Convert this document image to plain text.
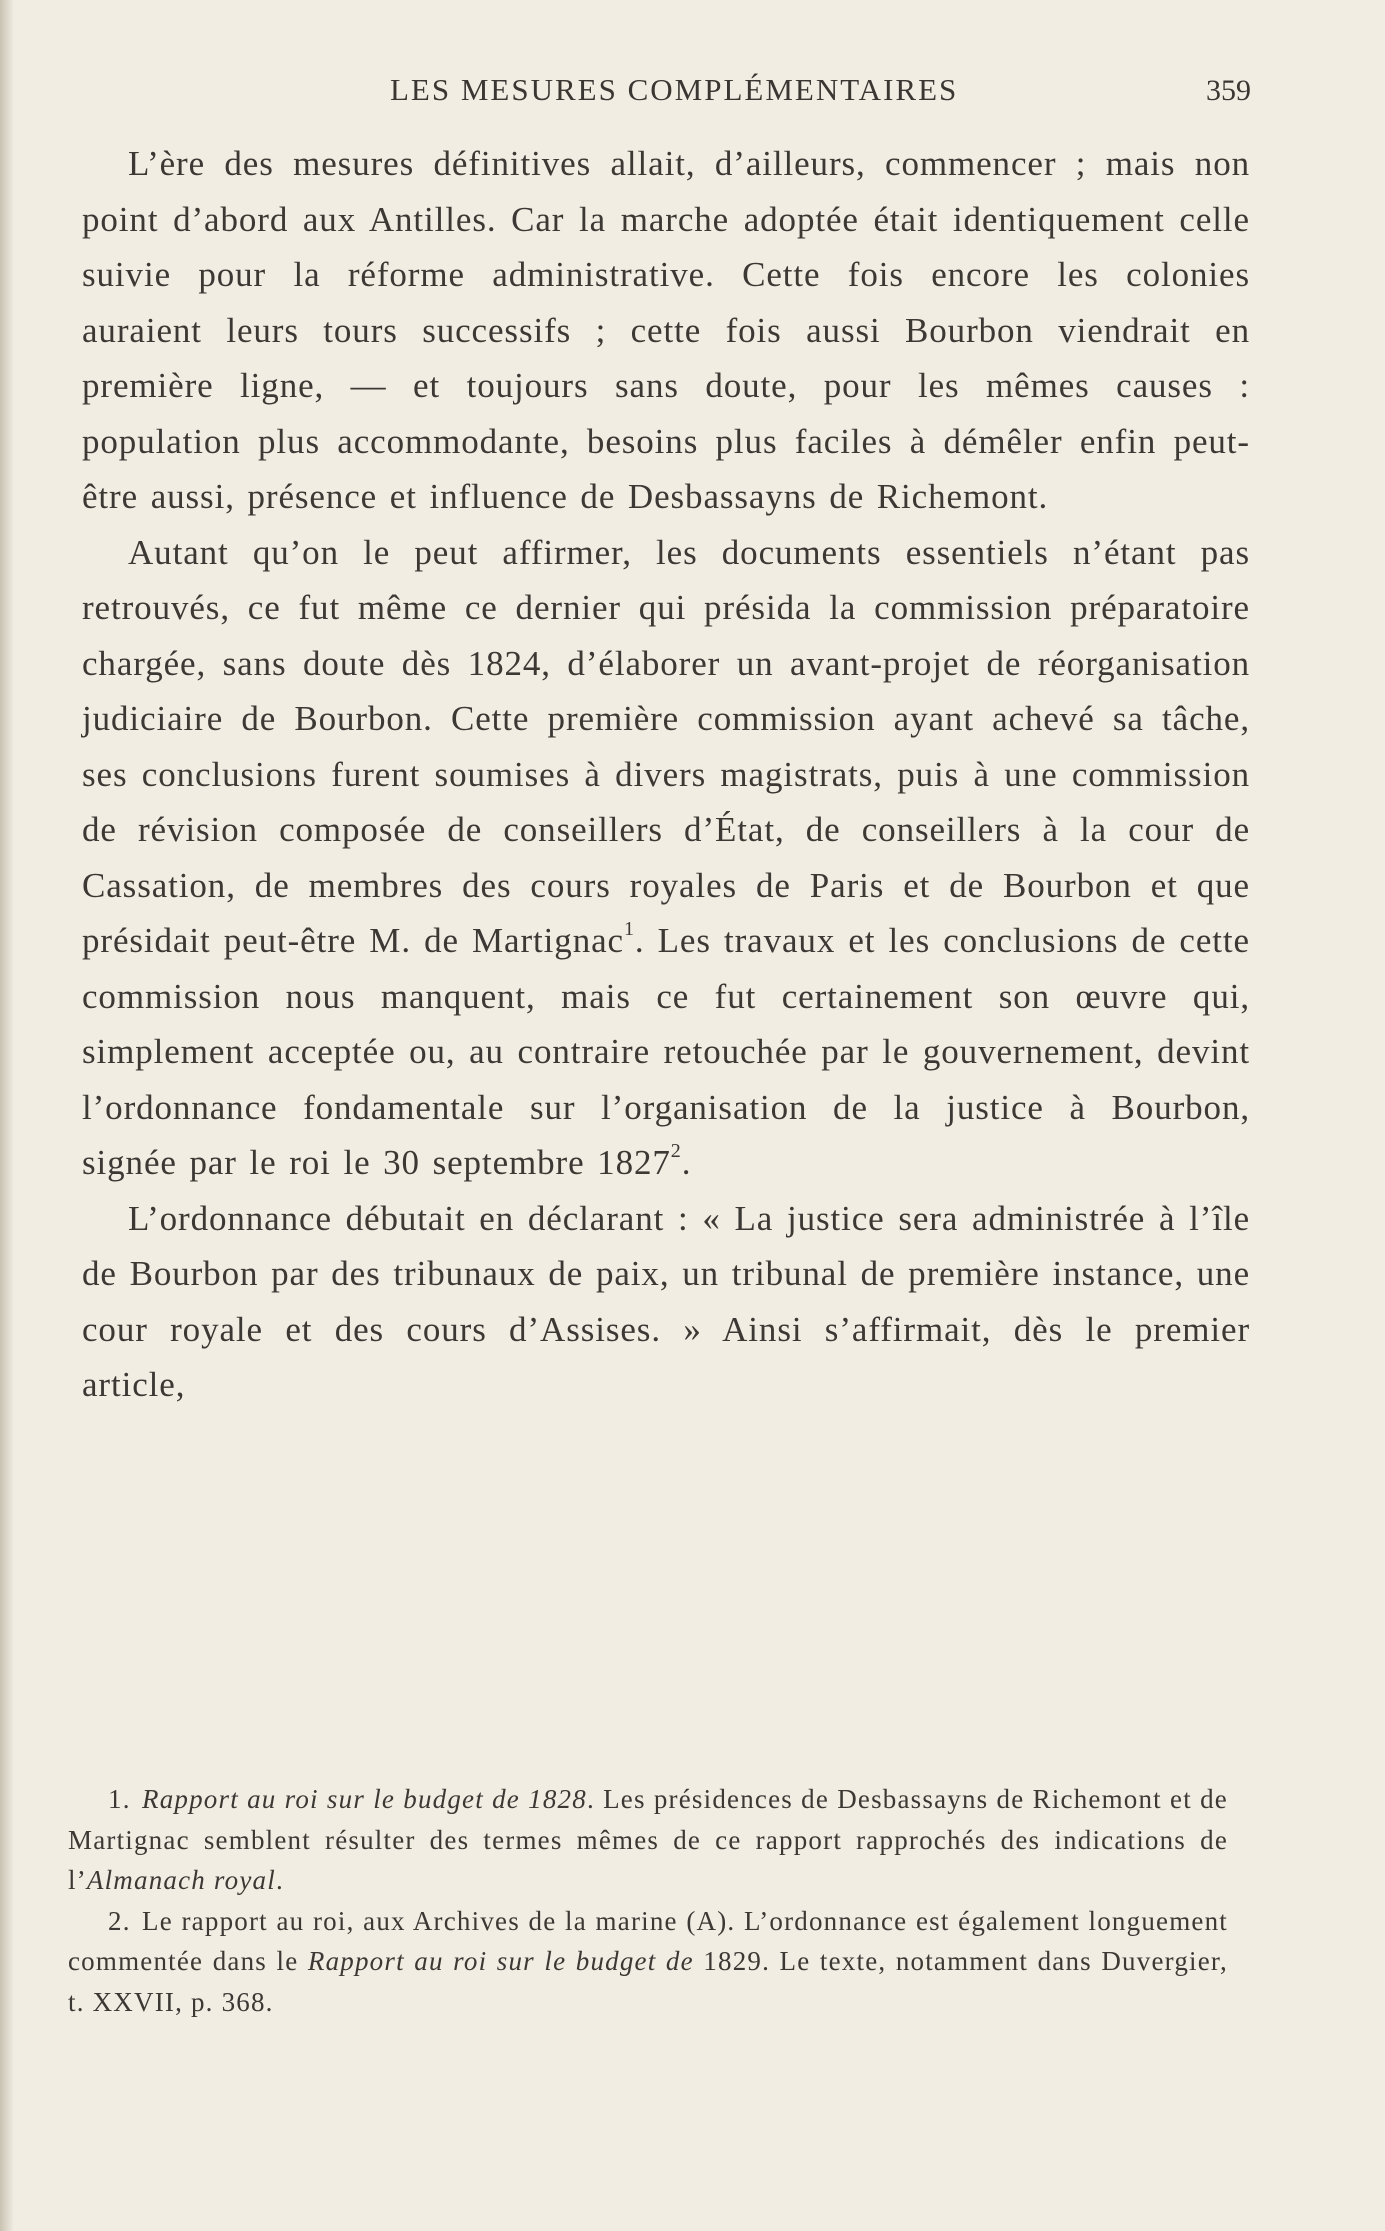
LES MESURES COMPLÉMENTAIRES	359

L’ère des mesures définitives allait, d’ailleurs, commencer ; mais non point d’abord aux Antilles. Car la marche adoptée était identiquement celle suivie pour la réforme administrative. Cette fois encore les colonies auraient leurs tours successifs ; cette fois aussi Bourbon viendrait en première ligne, — et toujours sans doute, pour les mêmes causes : population plus accommodante, besoins plus faciles à démêler enfin peut-être aussi, présence et influence de Desbassayns de Richemont.

Autant qu’on le peut affirmer, les documents essentiels n’étant pas retrouvés, ce fut même ce dernier qui présida la commission préparatoire chargée, sans doute dès 1824, d’élaborer un avant-projet de réorganisation judiciaire de Bourbon. Cette première commission ayant achevé sa tâche, ses conclusions furent soumises à divers magistrats, puis à une commission de révision composée de conseillers d’État, de conseillers à la cour de Cassation, de membres des cours royales de Paris et de Bourbon et que présidait peut-être M. de Martignac$^1$. Les travaux et les conclusions de cette commission nous manquent, mais ce fut certainement son œuvre qui, simplement acceptée ou, au contraire retouchée par le gouvernement, devint l’ordonnance fondamentale sur l’organisation de la justice à Bourbon, signée par le roi le 30 septembre 1827$^2$.

L’ordonnance débutait en déclarant : « La justice sera administrée à l’île de Bourbon par des tribunaux de paix, un tribunal de première instance, une cour royale et des cours d’Assises. » Ainsi s’affirmait, dès le premier article,

1. Rapport au roi sur le budget de 1828. Les présidences de Desbassayns de Richemont et de Martignac semblent résulter des termes mêmes de ce rapport rapprochés des indications de l’Almanach royal.

2. Le rapport au roi, aux Archives de la marine (A). L’ordonnance est également longuement commentée dans le Rapport au roi sur le budget de 1829. Le texte, notamment dans Duvergier, t. XXVII, p. 368.
